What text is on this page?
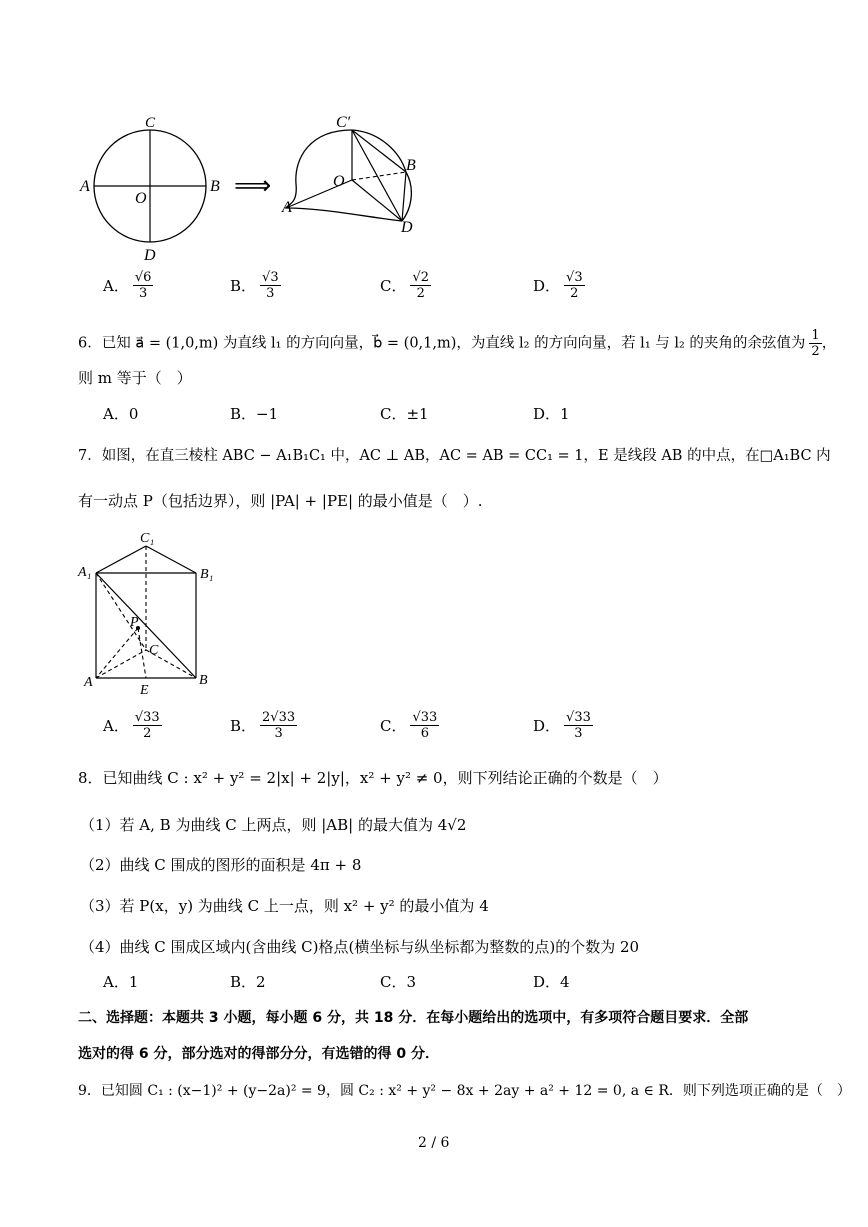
C
A	B
O
D
⟹
C′
A
B
O
D
A． $\frac{√6}{3}$	B． $\frac{√3}{3}$	C． $\frac{√2}{2}$	D． $\frac{√3}{2}$
6．已知 a⃗ = (1,0,m) 为直线 l₁ 的方向向量，b⃗ = (0,1,m)，为直线 l₂ 的方向向量，若 l₁ 与 l₂ 的夹角的余弦值为 $\frac{1}{2}$ ，
则 m 等于（　）
A．0	B．−1	C．±1	D．1
7．如图，在直三棱柱 ABC − A₁B₁C₁ 中，AC ⊥ AB，AC = AB = CC₁ = 1，E 是线段 AB 的中点，在□A₁BC 内
有一动点 P（包括边界），则 |PA| + |PE| 的最小值是（　）.
C₁
A₁	B₁
P
C
A
E
B
A． $\frac{√33}{2}$	B． $\frac{2√33}{3}$	C． $\frac{√33}{6}$	D． $\frac{√33}{3}$
8．已知曲线 C : x² + y² = 2|x| + 2|y|，x² + y² ≠ 0，则下列结论正确的个数是（　）
（1）若 A, B 为曲线 C 上两点，则 |AB| 的最大值为 4√2
（2）曲线 C 围成的图形的面积是 4π + 8
（3）若 P(x，y) 为曲线 C 上一点，则 x² + y² 的最小值为 4
（4）曲线 C 围成区域内(含曲线 C)格点(横坐标与纵坐标都为整数的点)的个数为 20
A．1	B．2	C．3	D．4
二、选择题：本题共 3 小题，每小题 6 分，共 18 分．在每小题给出的选项中，有多项符合题目要求．全部
选对的得 6 分，部分选对的得部分分，有选错的得 0 分．
9．已知圆 C₁ : (x−1)² + (y−2a)² = 9，圆 C₂ : x² + y² − 8x + 2ay + a² + 12 = 0, a ∈ R．则下列选项正确的是（　）
2 / 6
